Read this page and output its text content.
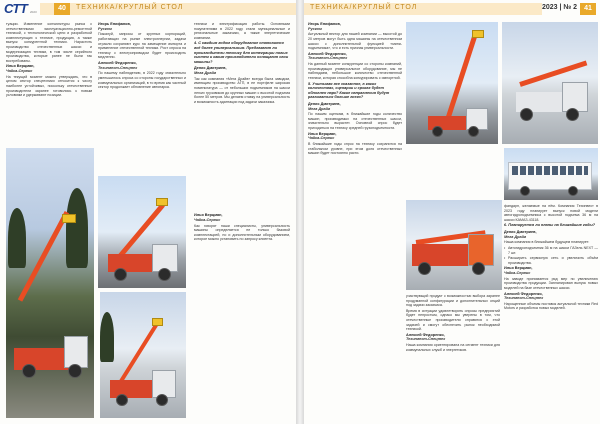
СТТ 2023	40	ТЕХНИКА/КРУГЛЫЙ СТОЛ

туации. Изменение конъюнктуры рынка с отечественными эксплуатационно-ремонтной техникой, с технологической цепи и разработкой комплектующих к технике, продукция, а также выпуск конкурентной техники. Нарастить производство отечественных шасси и модернизацию техники, в том числе серийного производства, которые ранее не были так востребованы.

Илья Верцман,
Чайка-Сервис

На текущий момент можно утверждать, что в целом сектор спецтехники относится к числу наиболее устойчивых, поскольку отечественные производители заранее готовились к новым условиям и удерживают позиции.

Игорь Епифанов,
Руском

Пожалуй, запросы от крупных корпораций, работающих на рынке электроэнергии, задачи отрасли сохраняют курс на замещение импорта и применение отечественной техники. Рост спроса на технику с электроприводом будет происходить медленно.

Алексей Федоренко,
Техинвест-Спецтех

По нашему наблюдению, в 2022 году значительно уменьшилось спроса со стороны государственных и коммунальных организаций, в то время как частный сектор продолжает обновление автопарка.

техники и электрификация работы. Основными покупателями в 2022 году стали муниципальные и региональные заказчики, а также энергетические компании.

4. С каждым годом оборудование становится всё более универсальным. Предлагают ли производители технику для интеграции новых систем и каким производители оснащают свои машины?
Денис Дмитриев,
Мега Драйв

Так как компания «Мега Драйв» всегда была заводом, имеющим производство АГП, в ее портфеле широкая номенклатура — от небольших подъемников на шасси легких грузовиков до крупных машин с высотой подъема более 50 метров. Мы делаем ставку на универсальность и возможность адаптации под задачи заказчика.

Илья Верцман,
Чайка-Сервис

Как говорят наши специалисты, универсальность машины определяется не только базовой комплектацией, но и дополнительным оборудованием, которое можно установить по запросу клиента.

ТЕХНИКА/КРУГЛЫЙ СТОЛ	2023 | № 2	41
Игорь Епифанов,
Руском

Актуальный вектор для нашей компании — высотой до 20 метров могут быть одна машины на отечественном шасси с дополнительной функцией «мини-подъемника», что и есть признак универсальности.

Алексей Федоренко,
Техинвест-Спецтех

На данный момент конкуренции со стороны компаний, производящих универсальное оборудование, мы не наблюдаем, небольшое количество отечественной техники, которая способна конкурировать с импортной.

5. Учитывая все сказанное, в каких количествах, сценарии и сроках будет обновлен парк? Какие направления будут развиваться больше всего?
Денис Дмитриев,
Мега Драйв

По нашим оценкам, в ближайшие годы количество машин, производимых на отечественных шасси, значительно вырастет. Основной спрос будет приходиться на технику средней грузоподъемности.

Илья Верцман,
Чайка-Сервис

В ближайшие годы спрос на технику сохранится на стабильном уровне, при этом доля отечественных машин будет постоянно расти.

участвующий продукт с возможностью выбора заранее продуманной конфигурации и дополнительных опций под задачи заказчика.

Время в ситуации удовлетворить опросы предприятий будет непростым, однако мы уверены в том, что отечественные производители справятся с этой задачей и смогут обеспечить рынок необходимой техникой.

Алексей Федоренко,
Техинвест-Спецтех

Наша компания ориентирована на сегмент техники для коммунальных служб и энергетиков.

фандарн, желаемые на нём. Компания Техинвест в 2023 году планирует выпуск новой модели автогидроподъемника с высотой подъема 36 м на шасси КАМАЗ-43118.

6. Планируется ли планы на ближайшие годы?
Денис Дмитриев,
Мега Драйв

Наша компания в ближайшем будущем планирует:

• Автогидроподъемник 36 м на шасси ГАЗель NEXT — 7 шт.

• Расширить сервисную сеть и увеличить объём производства.

Илья Верцман,
Чайка-Сервис

На заводе принимается ряд мер по увеличению производства продукции. Запланирован выпуск новых моделей на базе отечественных шасси.

Алексей Федоренко,
Техинвест-Спецтех

Нарощенные объемы поставок актуальной техники Red Motors и разработка новых моделей.
